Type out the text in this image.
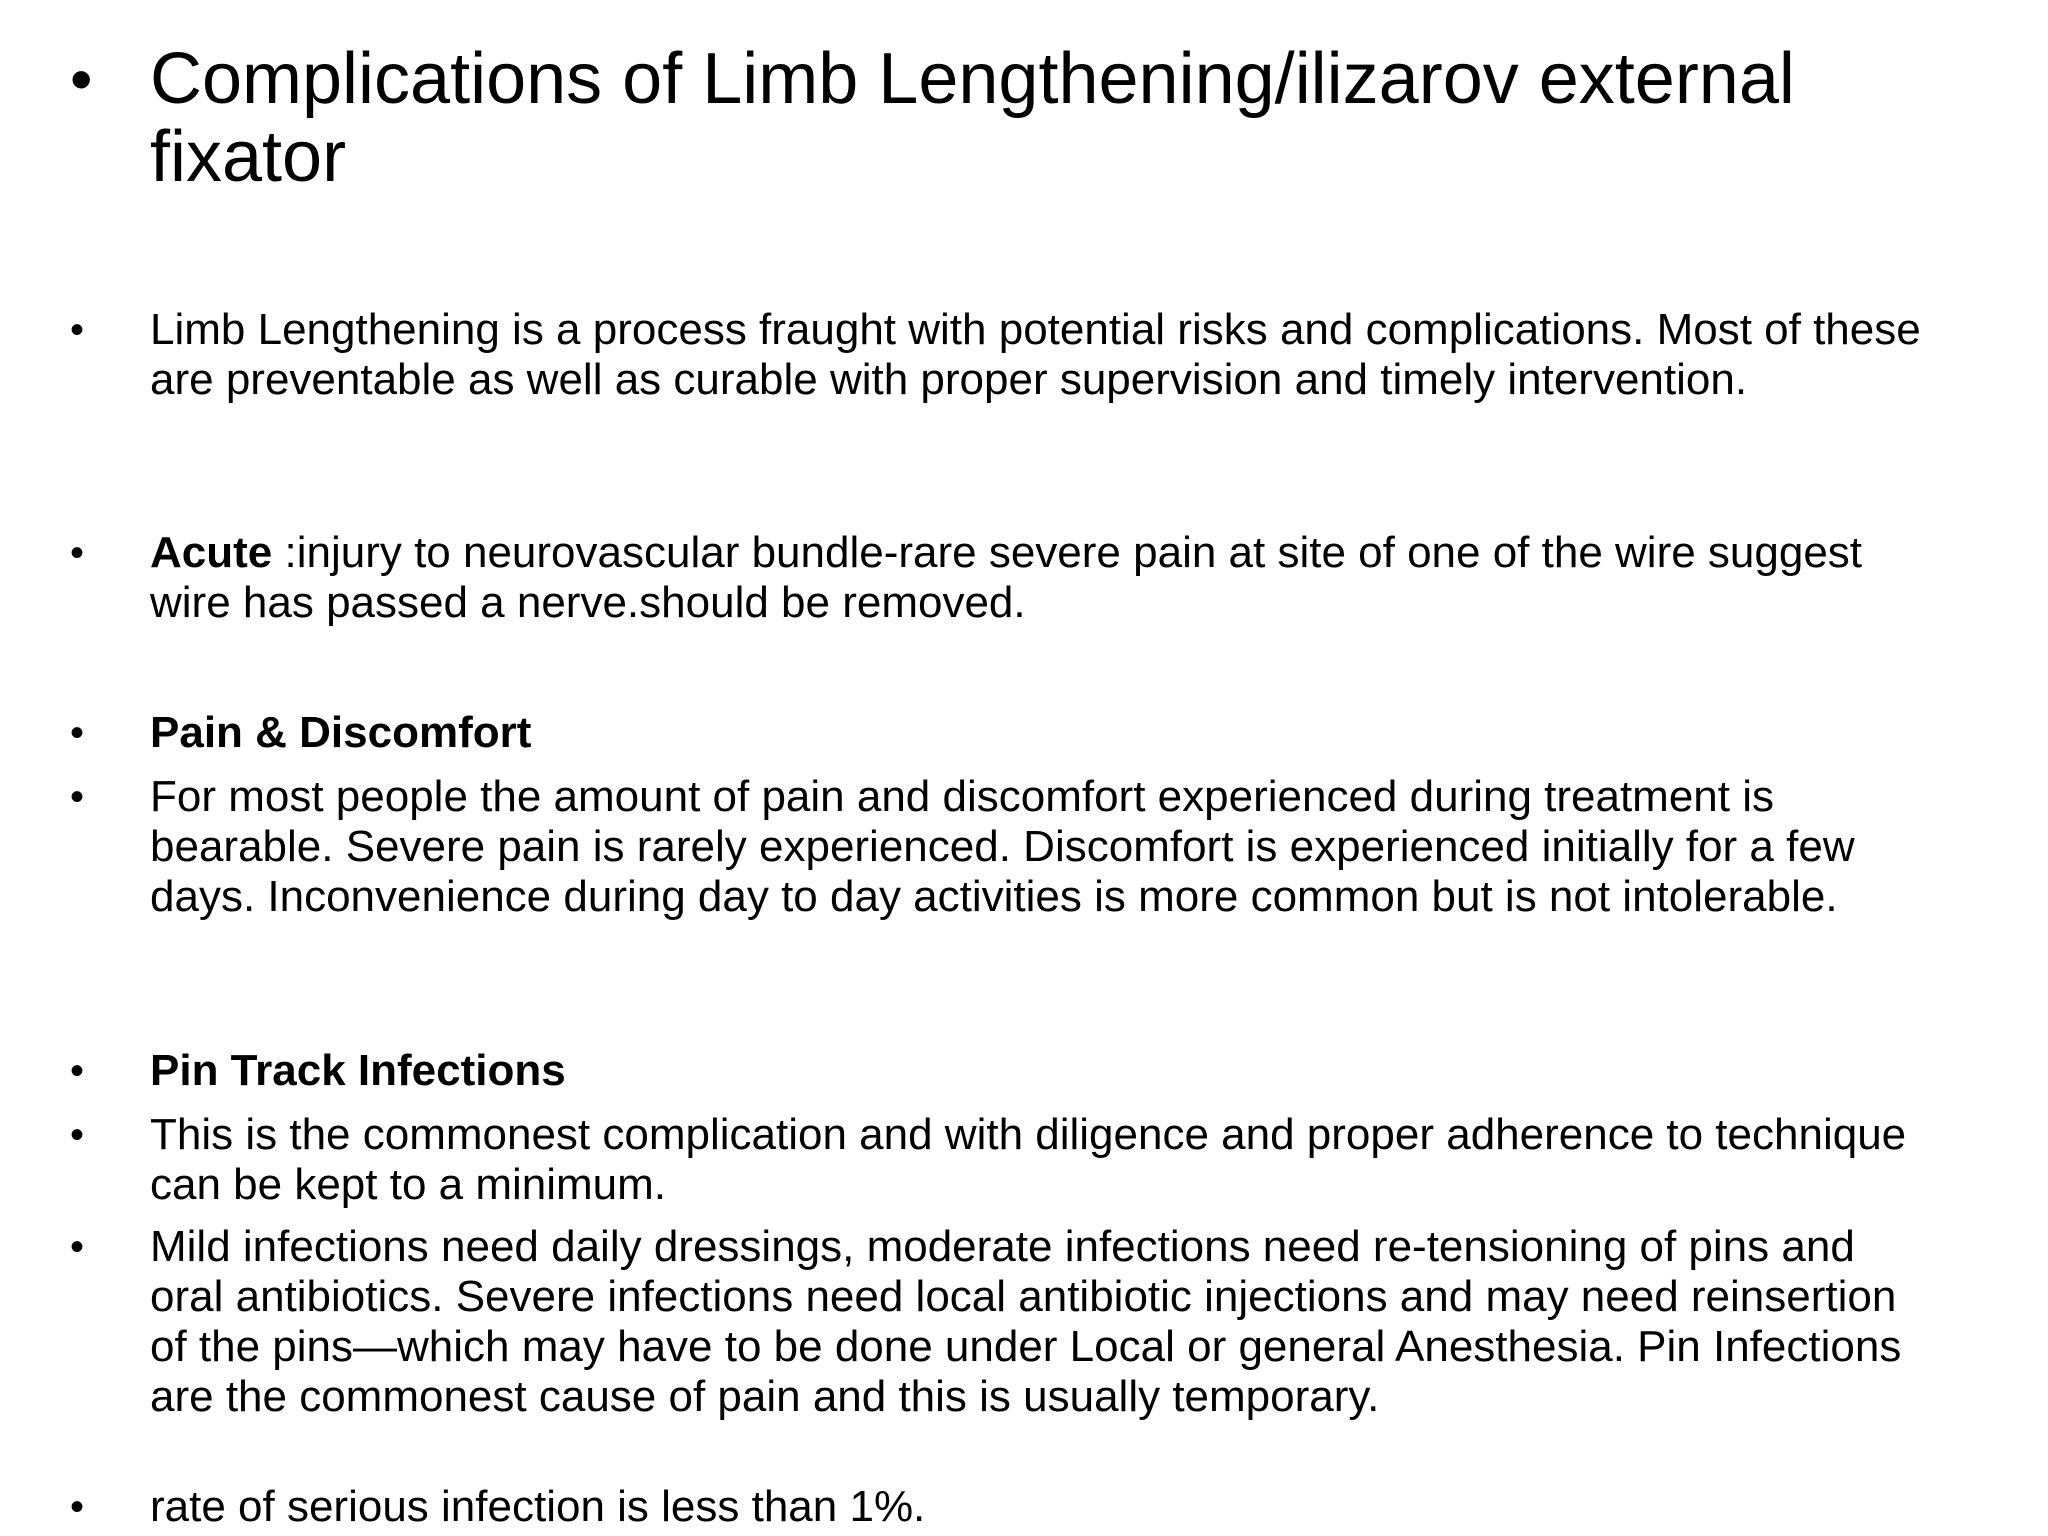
• Complications of Limb Lengthening/ilizarov external fixator
•	Limb Lengthening is a process fraught with potential risks and complications. Most of these are preventable as well as curable with proper supervision and timely intervention.
•	Acute :injury to neurovascular bundle-rare severe pain at site of one of the wire suggest wire has passed a nerve.should be removed.
•	Pain & Discomfort
•	For most people the amount of pain and discomfort experienced during treatment is bearable. Severe pain is rarely experienced. Discomfort is experienced initially for a few days. Inconvenience during day to day activities is more common but is not intolerable.
•	Pin Track Infections
•	This is the commonest complication and with diligence and proper adherence to technique can be kept to a minimum.
•	Mild infections need daily dressings, moderate infections need re-tensioning of pins and oral antibiotics. Severe infections need local antibiotic injections and may need reinsertion of the pins—which may have to be done under Local or general Anesthesia. Pin Infections are the commonest cause of pain and this is usually temporary.
•	rate of serious infection is less than 1%.
